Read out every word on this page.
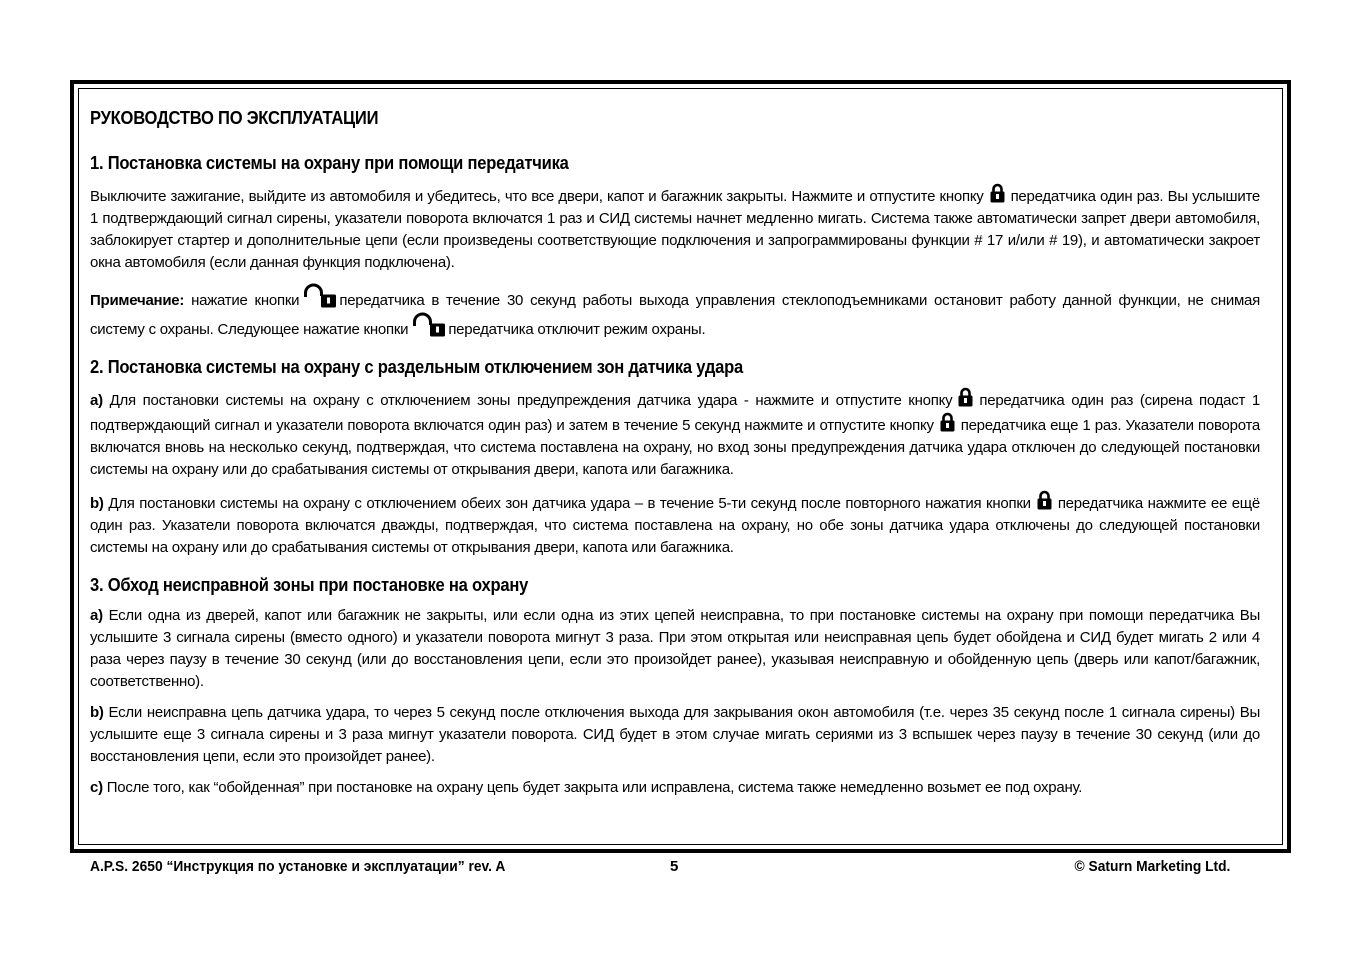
РУКОВОДСТВО ПО ЭКСПЛУАТАЦИИ
1. Постановка системы на охрану при помощи передатчика

Выключите зажигание, выйдите из автомобиля и убедитесь, что все двери, капот и багажник закрыты. Нажмите и отпустите кнопку передатчика один раз. Вы услышите 1 подтверждающий сигнал сирены, указатели поворота включатся 1 раз и СИД системы начнет медленно мигать. Система также автоматически запрет двери автомобиля, заблокирует стартер и дополнительные цепи (если произведены соответствующие подключения и запрограммированы функции # 17 и/или # 19), и автоматически закроет окна автомобиля (если данная функция подключена).

Примечание: нажатие кнопки	передатчика в течение 30 секунд работы выхода управления стеклоподъемниками остановит работу данной функции, не снимая систему с охраны. Следующее нажатие кнопки	передатчика отключит режим охраны.

2. Постановка системы на охрану с раздельным отключением зон датчика удара

а) Для постановки системы на охрану с отключением зоны предупреждения датчика удара - нажмите и отпустите кнопку передатчика один раз (сирена подаст 1 подтверждающий сигнал и указатели поворота включатся один раз) и затем в течение 5 секунд нажмите и отпустите кнопку передатчика еще 1 раз. Указатели поворота включатся вновь на несколько секунд, подтверждая, что система поставлена на охрану, но вход зоны предупреждения датчика удара отключен до следующей постановки системы на охрану или до срабатывания системы от открывания двери, капота или багажника.

b) Для постановки системы на охрану с отключением обеих зон датчика удара – в течение 5-ти секунд после повторного нажатия кнопки передатчика нажмите ее ещё один раз. Указатели поворота включатся дважды, подтверждая, что система поставлена на охрану, но обе зоны датчика удара отключены до следующей постановки системы на охрану или до срабатывания системы от открывания двери, капота или багажника.

3. Обход неисправной зоны при постановке на охрану

а) Если одна из дверей, капот или багажник не закрыты, или если одна из этих цепей неисправна, то при постановке системы на охрану при помощи передатчика Вы услышите 3 сигнала сирены (вместо одного) и указатели поворота мигнут 3 раза. При этом открытая или неисправная цепь будет обойдена и СИД будет мигать 2 или 4 раза через паузу в течение 30 секунд (или до восстановления цепи, если это произойдет ранее), указывая неисправную и обойденную цепь (дверь или капот/багажник, соответственно).

b) Если неисправна цепь датчика удара, то через 5 секунд после отключения выхода для закрывания окон автомобиля (т.е. через 35 секунд после 1 сигнала сирены) Вы услышите еще 3 сигнала сирены и 3 раза мигнут указатели поворота. СИД будет в этом случае мигать сериями из 3 вспышек через паузу в течение 30 секунд (или до восстановления цепи, если это произойдет ранее).

c) После того, как “обойденная” при постановке на охрану цепь будет закрыта или исправлена, система также немедленно возьмет ее под охрану.

A.P.S. 2650 “Инструкция по установке и эксплуатации” rev. A	5	© Saturn Marketing Ltd.
